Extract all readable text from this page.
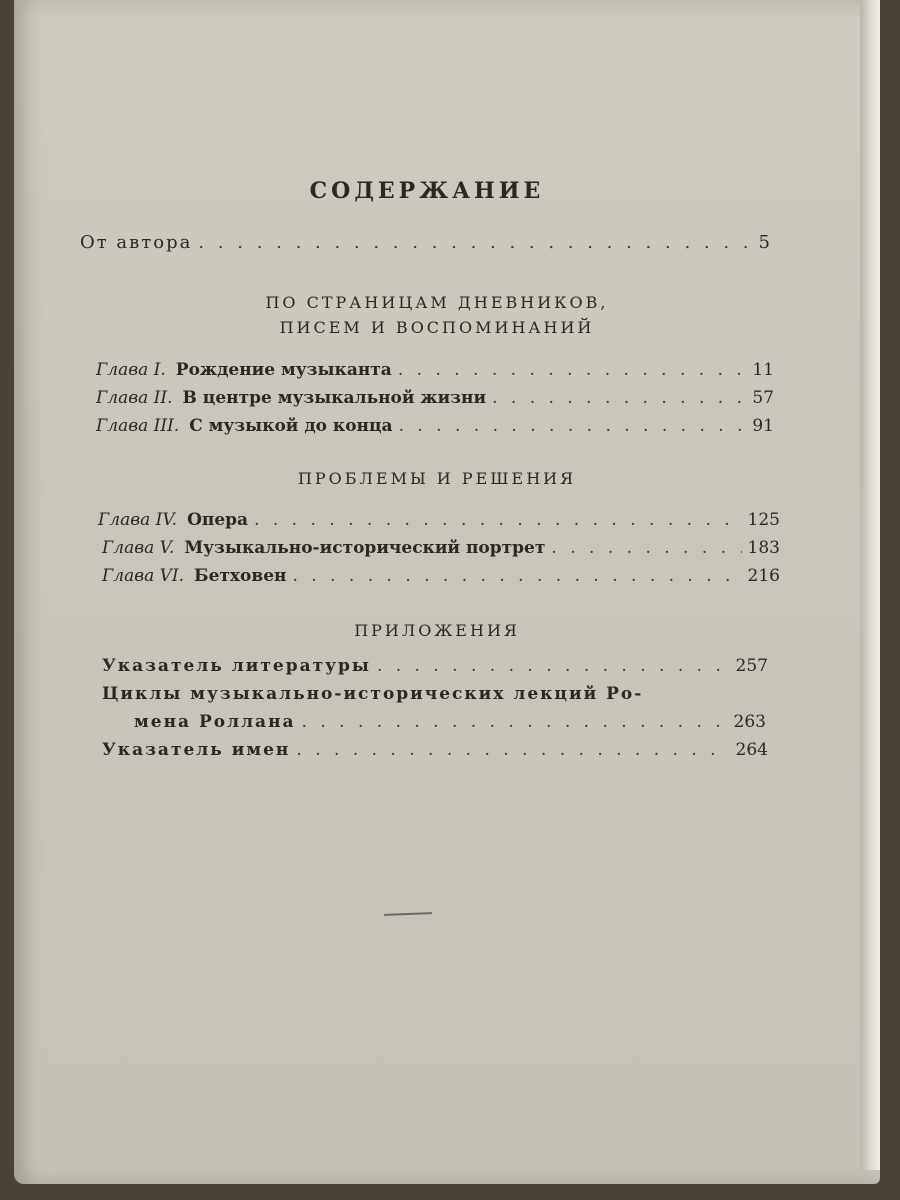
СОДЕРЖАНИЕ
От автора . . .	5
ПО СТРАНИЦАМ ДНЕВНИКОВ,
ПИСЕМ И ВОСПОМИНАНИЙ
Глава I. Рождение музыканта . . .	11
Глава II. В центре музыкальной жизни . . .	57
Глава III. С музыкой до конца . . .	91
ПРОБЛЕМЫ И РЕШЕНИЯ
Глава IV. Опера . . .	125
Глава V. Музыкально-исторический портрет . . .	183
Глава VI. Бетховен . . .	216
ПРИЛОЖЕНИЯ
Указатель литературы . . .	257
Циклы музыкально-исторических лекций Ро-
мена Роллана . . .	263
Указатель имен . . .	264
